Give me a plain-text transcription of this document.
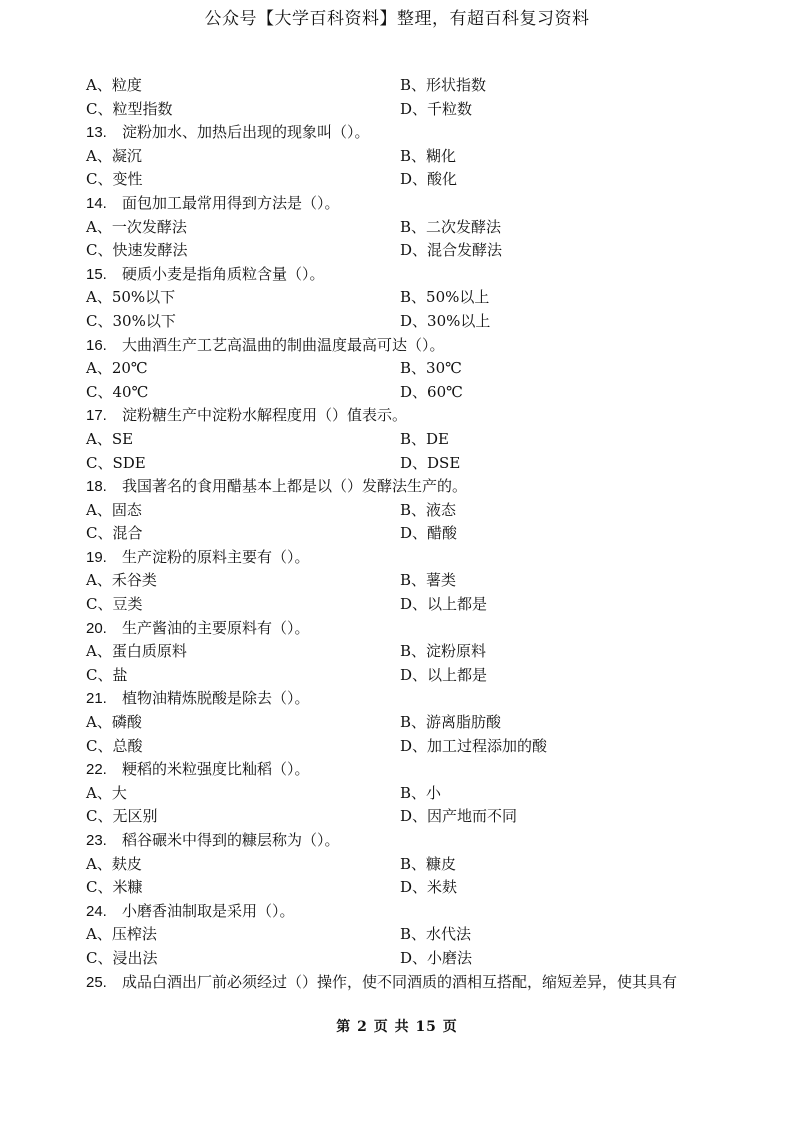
公众号【大学百科资料】整理，有超百科复习资料
A、粒度	B、形状指数
C、粒型指数	D、千粒数
13.	淀粉加水、加热后出现的现象叫（）。
A、凝沉	B、糊化
C、变性	D、酸化
14.	面包加工最常用得到方法是（）。
A、一次发酵法	B、二次发酵法
C、快速发酵法	D、混合发酵法
15.	硬质小麦是指角质粒含量（）。
A、50%以下	B、50%以上
C、30%以下	D、30%以上
16.	大曲酒生产工艺高温曲的制曲温度最高可达（）。
A、20℃	B、30℃
C、40℃	D、60℃
17.	淀粉糖生产中淀粉水解程度用（）值表示。
A、SE	B、DE
C、SDE	D、DSE
18.	我国著名的食用醋基本上都是以（）发酵法生产的。
A、固态	B、液态
C、混合	D、醋酸
19.	生产淀粉的原料主要有（）。
A、禾谷类	B、薯类
C、豆类	D、以上都是
20.	生产酱油的主要原料有（）。
A、蛋白质原料	B、淀粉原料
C、盐	D、以上都是
21.	植物油精炼脱酸是除去（）。
A、磷酸	B、游离脂肪酸
C、总酸	D、加工过程添加的酸
22.	粳稻的米粒强度比籼稻（）。
A、大	B、小
C、无区别	D、因产地而不同
23.	稻谷碾米中得到的糠层称为（）。
A、麸皮	B、糠皮
C、米糠	D、米麸
24.	小磨香油制取是采用（）。
A、压榨法	B、水代法
C、浸出法	D、小磨法
25.	成品白酒出厂前必须经过（）操作，使不同酒质的酒相互搭配，缩短差异，使其具有
第 2 页 共 15 页
